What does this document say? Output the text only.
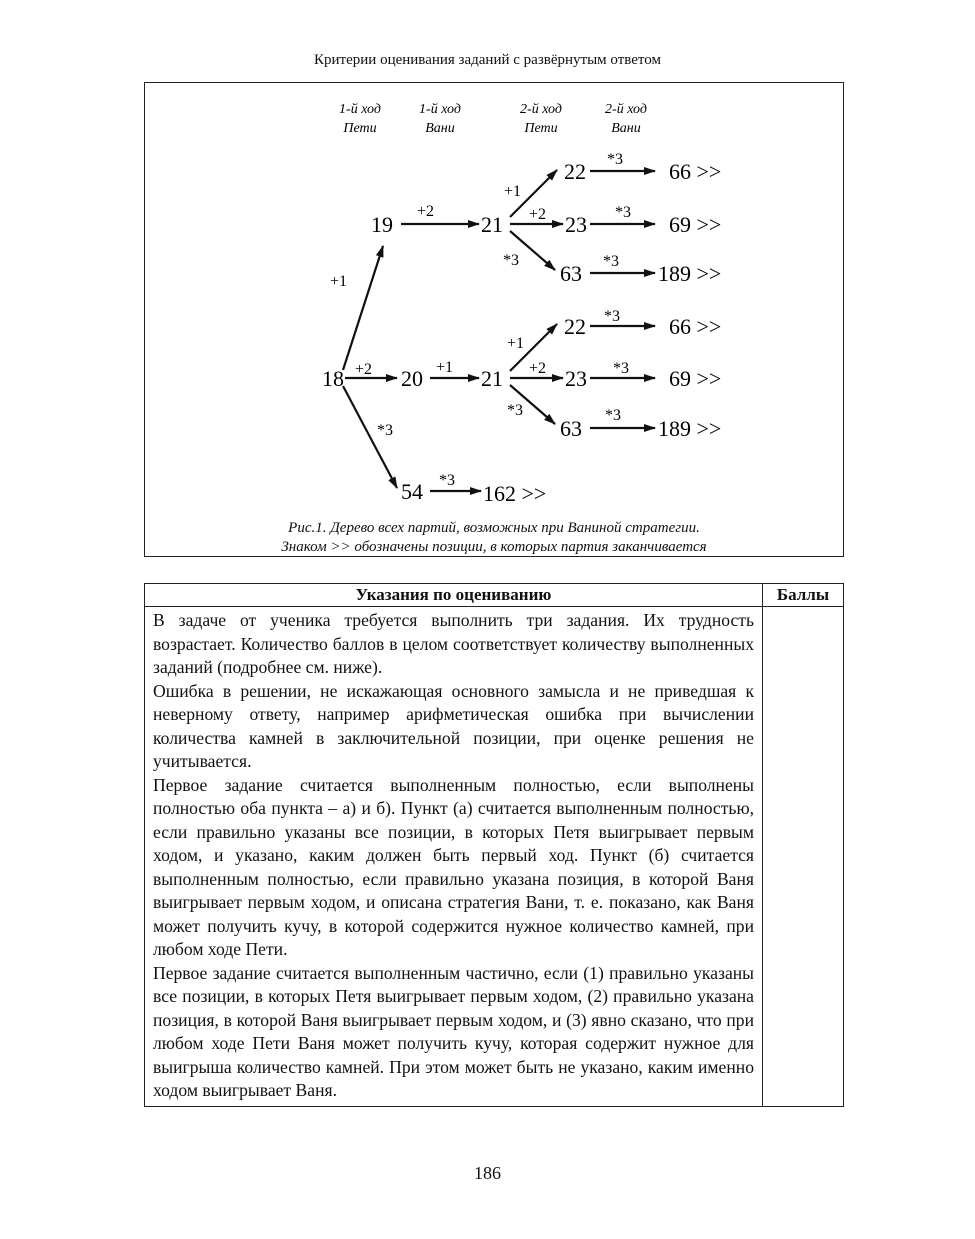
Критерии оценивания заданий с развёрнутым ответом
1-й ход
Пети
1-й ход
Вани
2-й ход
Пети
2-й ход
Вани
18
19	21
22
23
63
66 >>
69 >>
189 >>
20	21
22
23
63
66 >>
69 >>
189 >>
54	162 >>
+1
+2
*3
+2
+1
+2
*3
*3
*3
*3
+1
+1
+2
*3
*3
*3
*3
*3
Рис.1. Дерево всех партий, возможных при Ваниной стратегии.
Знаком >> обозначены позиции, в которых партия заканчивается
Указания по оцениванию	Баллы

В задаче от ученика требуется выполнить три задания. Их трудность возрастает. Количество баллов в целом соответствует количеству выполненных заданий (подробнее см. ниже).

Ошибка в решении, не искажающая основного замысла и не приведшая к неверному ответу, например арифметическая ошибка при вычислении количества камней в заключительной позиции, при оценке решения не учитывается.

Первое задание считается выполненным полностью, если выполнены полностью оба пункта – а) и б). Пункт (а) считается выполненным полностью, если правильно указаны все позиции, в которых Петя выигрывает первым ходом, и указано, каким должен быть первый ход. Пункт (б) считается выполненным полностью, если правильно указана позиция, в которой Ваня выигрывает первым ходом, и описана стратегия Вани, т. е. показано, как Ваня может получить кучу, в которой содержится нужное количество камней, при любом ходе Пети.

Первое задание считается выполненным частично, если (1) правильно указаны все позиции, в которых Петя выигрывает первым ходом, (2) правильно указана позиция, в которой Ваня выигрывает первым ходом, и (3) явно сказано, что при любом ходе Пети Ваня может получить кучу, которая содержит нужное для выигрыша количество камней. При этом может быть не указано, каким именно ходом выигрывает Ваня.	

186
